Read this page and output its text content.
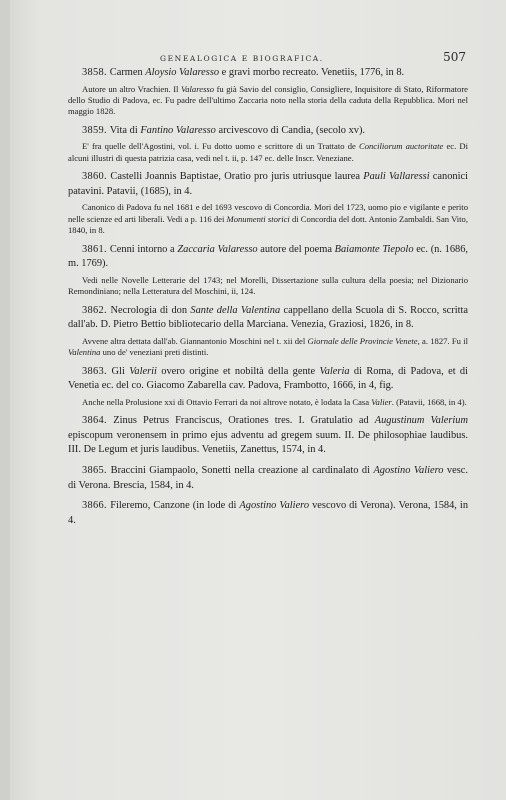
GENEALOGICA E BIOGRAFICA.	507

3858. Carmen Aloysio Valaresso e gravi morbo recreato. Venetiis, 1776, in 8.

Autore un altro Vrachien. Il Valaresso fu già Savio del consiglio, Consigliere, Inquisitore di Stato, Riformatore dello Studio di Padova, ec. Fu padre dell'ultimo Zaccaria noto nella storia della caduta della Repubblica. Mori nel maggio 1828.

3859. Vita di Fantino Valaresso arcivescovo di Candia, (secolo xv).

E' fra quelle dell'Agostini, vol. i. Fu dotto uomo e scrittore di un Trattato de Conciliorum auctoritate ec. Di alcuni illustri di questa patrizia casa, vedi nel t. ii, p. 147 ec. delle Inscr. Veneziane.

3860. Castelli Joannis Baptistae, Oratio pro juris utriusque laurea Pauli Vallaressi canonici patavini. Patavii, (1685), in 4.

Canonico di Padova fu nel 1681 e del 1693 vescovo di Concordia. Mori del 1723, uomo pio e vigilante e perito nelle scienze ed arti liberali. Vedi a p. 116 dei Monumenti storici di Concordia del dott. Antonio Zambaldi. San Vito, 1840, in 8.

3861. Cenni intorno a Zaccaria Valaresso autore del poema Baiamonte Tiepolo ec. (n. 1686, m. 1769).

Vedi nelle Novelle Letterarie del 1743; nel Morelli, Dissertazione sulla cultura della poesia; nel Dizionario Remondiniano; nella Letteratura del Moschini, ii, 124.

3862. Necrologia di don Sante della Valentina cappellano della Scuola di S. Rocco, scritta dall'ab. D. Pietro Bettio bibliotecario della Marciana. Venezia, Graziosi, 1826, in 8.

Avvene altra dettata dall'ab. Giannantonio Moschini nel t. xii del Giornale delle Provincie Venete, a. 1827. Fu il Valentina uno de' veneziani preti distinti.

3863. Gli Valerii overo origine et nobiltà della gente Valeria di Roma, di Padova, et di Venetia ec. del co. Giacomo Zabarella cav. Padova, Frambotto, 1666, in 4, fig.

Anche nella Prolusione xxi di Ottavio Ferrari da noi altrove notato, è lodata la Casa Valier. (Patavii, 1668, in 4).

3864. Zinus Petrus Franciscus, Orationes tres. I. Gratulatio ad Augustinum Valerium episcopum veronensem in primo ejus adventu ad gregem suum. II. De philosophiae laudibus. III. De Legum et juris laudibus. Venetiis, Zanettus, 1574, in 4.

3865. Braccini Giampaolo, Sonetti nella creazione al cardinalato di Agostino Valiero vesc. di Verona. Brescia, 1584, in 4.

3866. Fileremo, Canzone (in lode di Agostino Valiero vescovo di Verona). Verona, 1584, in 4.
